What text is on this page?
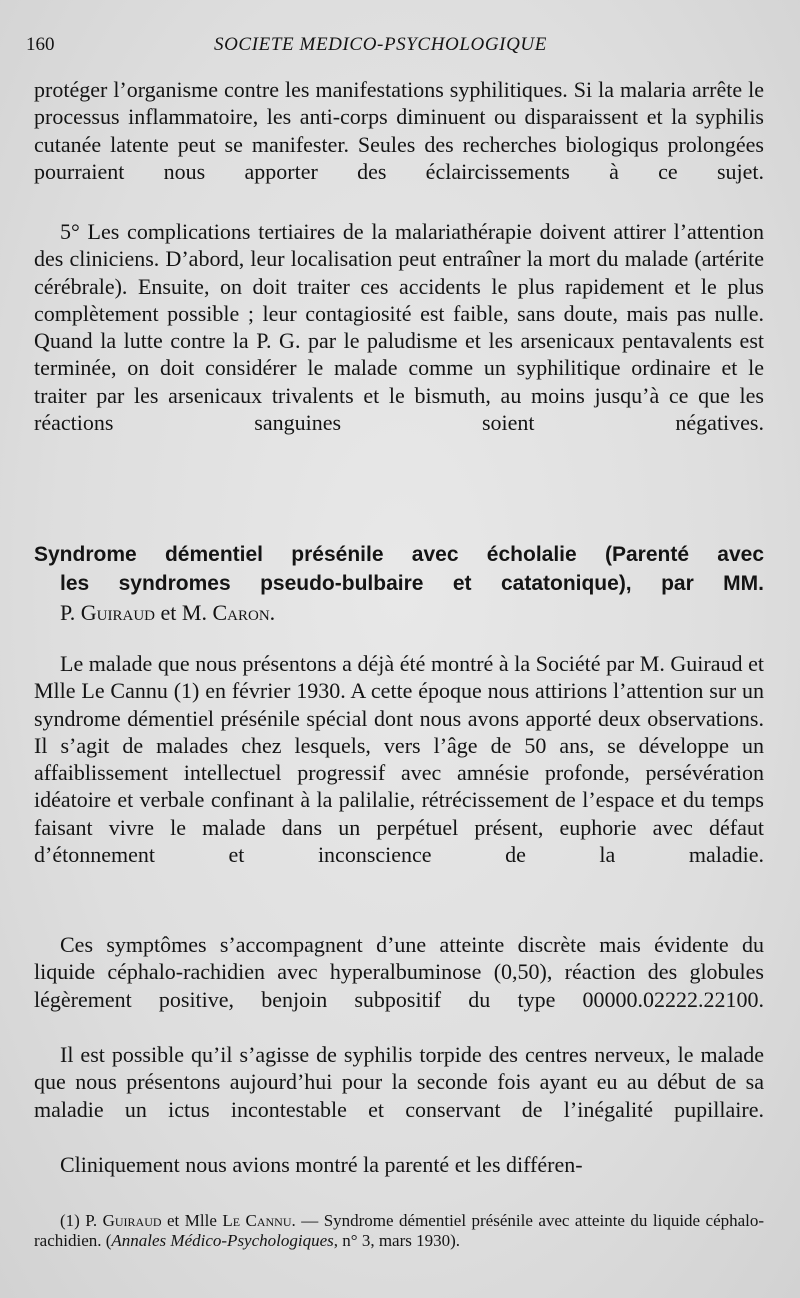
160	SOCIETE MEDICO-PSYCHOLOGIQUE

protéger l’organisme contre les manifestations syphilitiques. Si la malaria arrête le processus inflammatoire, les anti-corps diminuent ou disparaissent et la syphilis cutanée latente peut se manifester. Seules des recherches biologiqus prolongées pourraient nous apporter des éclaircissements à ce sujet.

5° Les complications tertiaires de la malariathérapie doivent attirer l’attention des cliniciens. D’abord, leur localisation peut entraîner la mort du malade (artérite cérébrale). Ensuite, on doit traiter ces accidents le plus rapidement et le plus complètement possible ; leur contagiosité est faible, sans doute, mais pas nulle. Quand la lutte contre la P. G. par le paludisme et les arsenicaux pentavalents est terminée, on doit considérer le malade comme un syphilitique ordinaire et le traiter par les arsenicaux trivalents et le bismuth, au moins jusqu’à ce que les réactions sanguines soient négatives.

Syndrome démentiel présénile avec écholalie (Parenté avec
les syndromes pseudo-bulbaire et catatonique), par MM.
P. Guiraud et M. Caron.

Le malade que nous présentons a déjà été montré à la Société par M. Guiraud et Mlle Le Cannu (1) en février 1930. A cette époque nous attirions l’attention sur un syndrome démentiel présénile spécial dont nous avons apporté deux observations. Il s’agit de malades chez lesquels, vers l’âge de 50 ans, se développe un affaiblissement intellectuel progressif avec amnésie profonde, persévération idéatoire et verbale confinant à la palilalie, rétrécissement de l’espace et du temps faisant vivre le malade dans un perpétuel présent, euphorie avec défaut d’étonnement et inconscience de la maladie.

Ces symptômes s’accompagnent d’une atteinte discrète mais évidente du liquide céphalo-rachidien avec hyperalbuminose (0,50), réaction des globules légèrement positive, benjoin subpositif du type 00000.02222.22100.

Il est possible qu’il s’agisse de syphilis torpide des centres nerveux, le malade que nous présentons aujourd’hui pour la seconde fois ayant eu au début de sa maladie un ictus incontestable et conservant de l’inégalité pupillaire.

Cliniquement nous avions montré la parenté et les différen-

(1) P. Guiraud et Mlle Le Cannu. — Syndrome démentiel présénile avec atteinte du liquide céphalo-rachidien. (Annales Médico-Psychologiques, n° 3, mars 1930).
